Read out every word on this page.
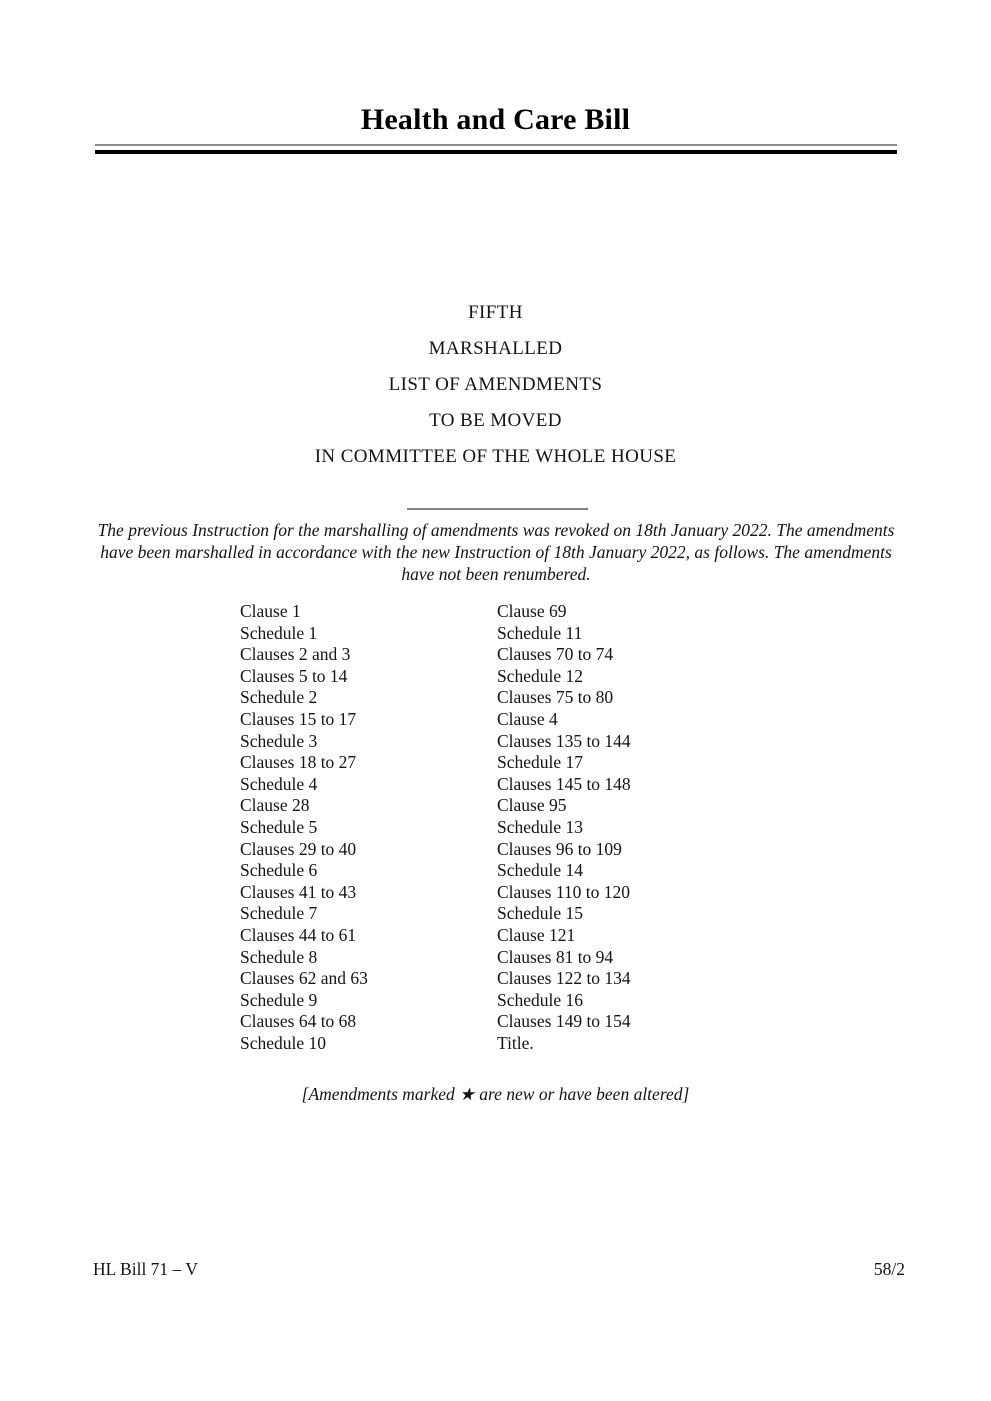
Health and Care Bill
FIFTH
MARSHALLED
LIST OF AMENDMENTS
TO BE MOVED
IN COMMITTEE OF THE WHOLE HOUSE

The previous Instruction for the marshalling of amendments was revoked on 18th January 2022. The amendments have been marshalled in accordance with the new Instruction of 18th January 2022, as follows. The amendments have not been renumbered.

Clause 1
Schedule 1
Clauses 2 and 3
Clauses 5 to 14
Schedule 2
Clauses 15 to 17
Schedule 3
Clauses 18 to 27
Schedule 4
Clause 28
Schedule 5
Clauses 29 to 40
Schedule 6
Clauses 41 to 43
Schedule 7
Clauses 44 to 61
Schedule 8
Clauses 62 and 63
Schedule 9
Clauses 64 to 68
Schedule 10
Clause 69
Schedule 11
Clauses 70 to 74
Schedule 12
Clauses 75 to 80
Clause 4
Clauses 135 to 144
Schedule 17
Clauses 145 to 148
Clause 95
Schedule 13
Clauses 96 to 109
Schedule 14
Clauses 110 to 120
Schedule 15
Clause 121
Clauses 81 to 94
Clauses 122 to 134
Schedule 16
Clauses 149 to 154
Title.

[Amendments marked ★ are new or have been altered]

HL Bill 71 – V	58/2
